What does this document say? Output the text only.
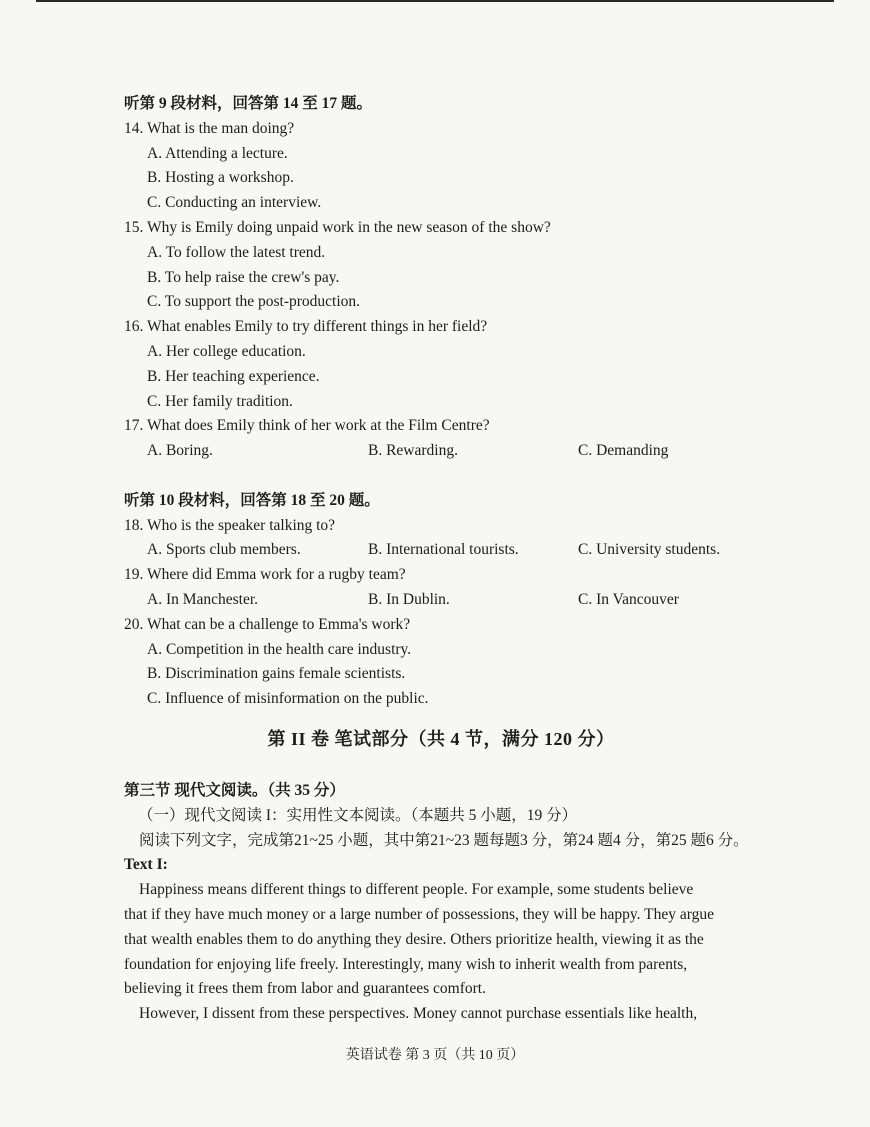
听第 9 段材料，回答第 14 至 17 题。
14. What is the man doing?
A. Attending a lecture.
B. Hosting a workshop.
C. Conducting an interview.
15. Why is Emily doing unpaid work in the new season of the show?
A. To follow the latest trend.
B. To help raise the crew's pay.
C. To support the post-production.
16. What enables Emily to try different things in her field?
A. Her college education.
B. Her teaching experience.
C. Her family tradition.
17. What does Emily think of her work at the Film Centre?
A. Boring.	B. Rewarding.	C. Demanding
听第 10 段材料，回答第 18 至 20 题。
18. Who is the speaker talking to?
A. Sports club members.	B. International tourists.	C. University students.
19. Where did Emma work for a rugby team?
A. In Manchester.	B. In Dublin.	C. In Vancouver
20. What can be a challenge to Emma's work?
A. Competition in the health care industry.
B. Discrimination gains female scientists.
C. Influence of misinformation on the public.
第 II 卷 笔试部分（共 4 节，满分 120 分）
第三节 现代文阅读。（共 35 分）
（一）现代文阅读 I：实用性文本阅读。（本题共 5 小题，19 分）
阅读下列文字，完成第21~25 小题，其中第21~23 题每题3 分，第24 题4 分，第25 题6 分。
Text I:
Happiness means different things to different people. For example, some students believe
that if they have much money or a large number of possessions, they will be happy. They argue
that wealth enables them to do anything they desire. Others prioritize health, viewing it as the
foundation for enjoying life freely. Interestingly, many wish to inherit wealth from parents,
believing it frees them from labor and guarantees comfort.
However, I dissent from these perspectives. Money cannot purchase essentials like health,
英语试卷 第 3 页（共 10 页）
